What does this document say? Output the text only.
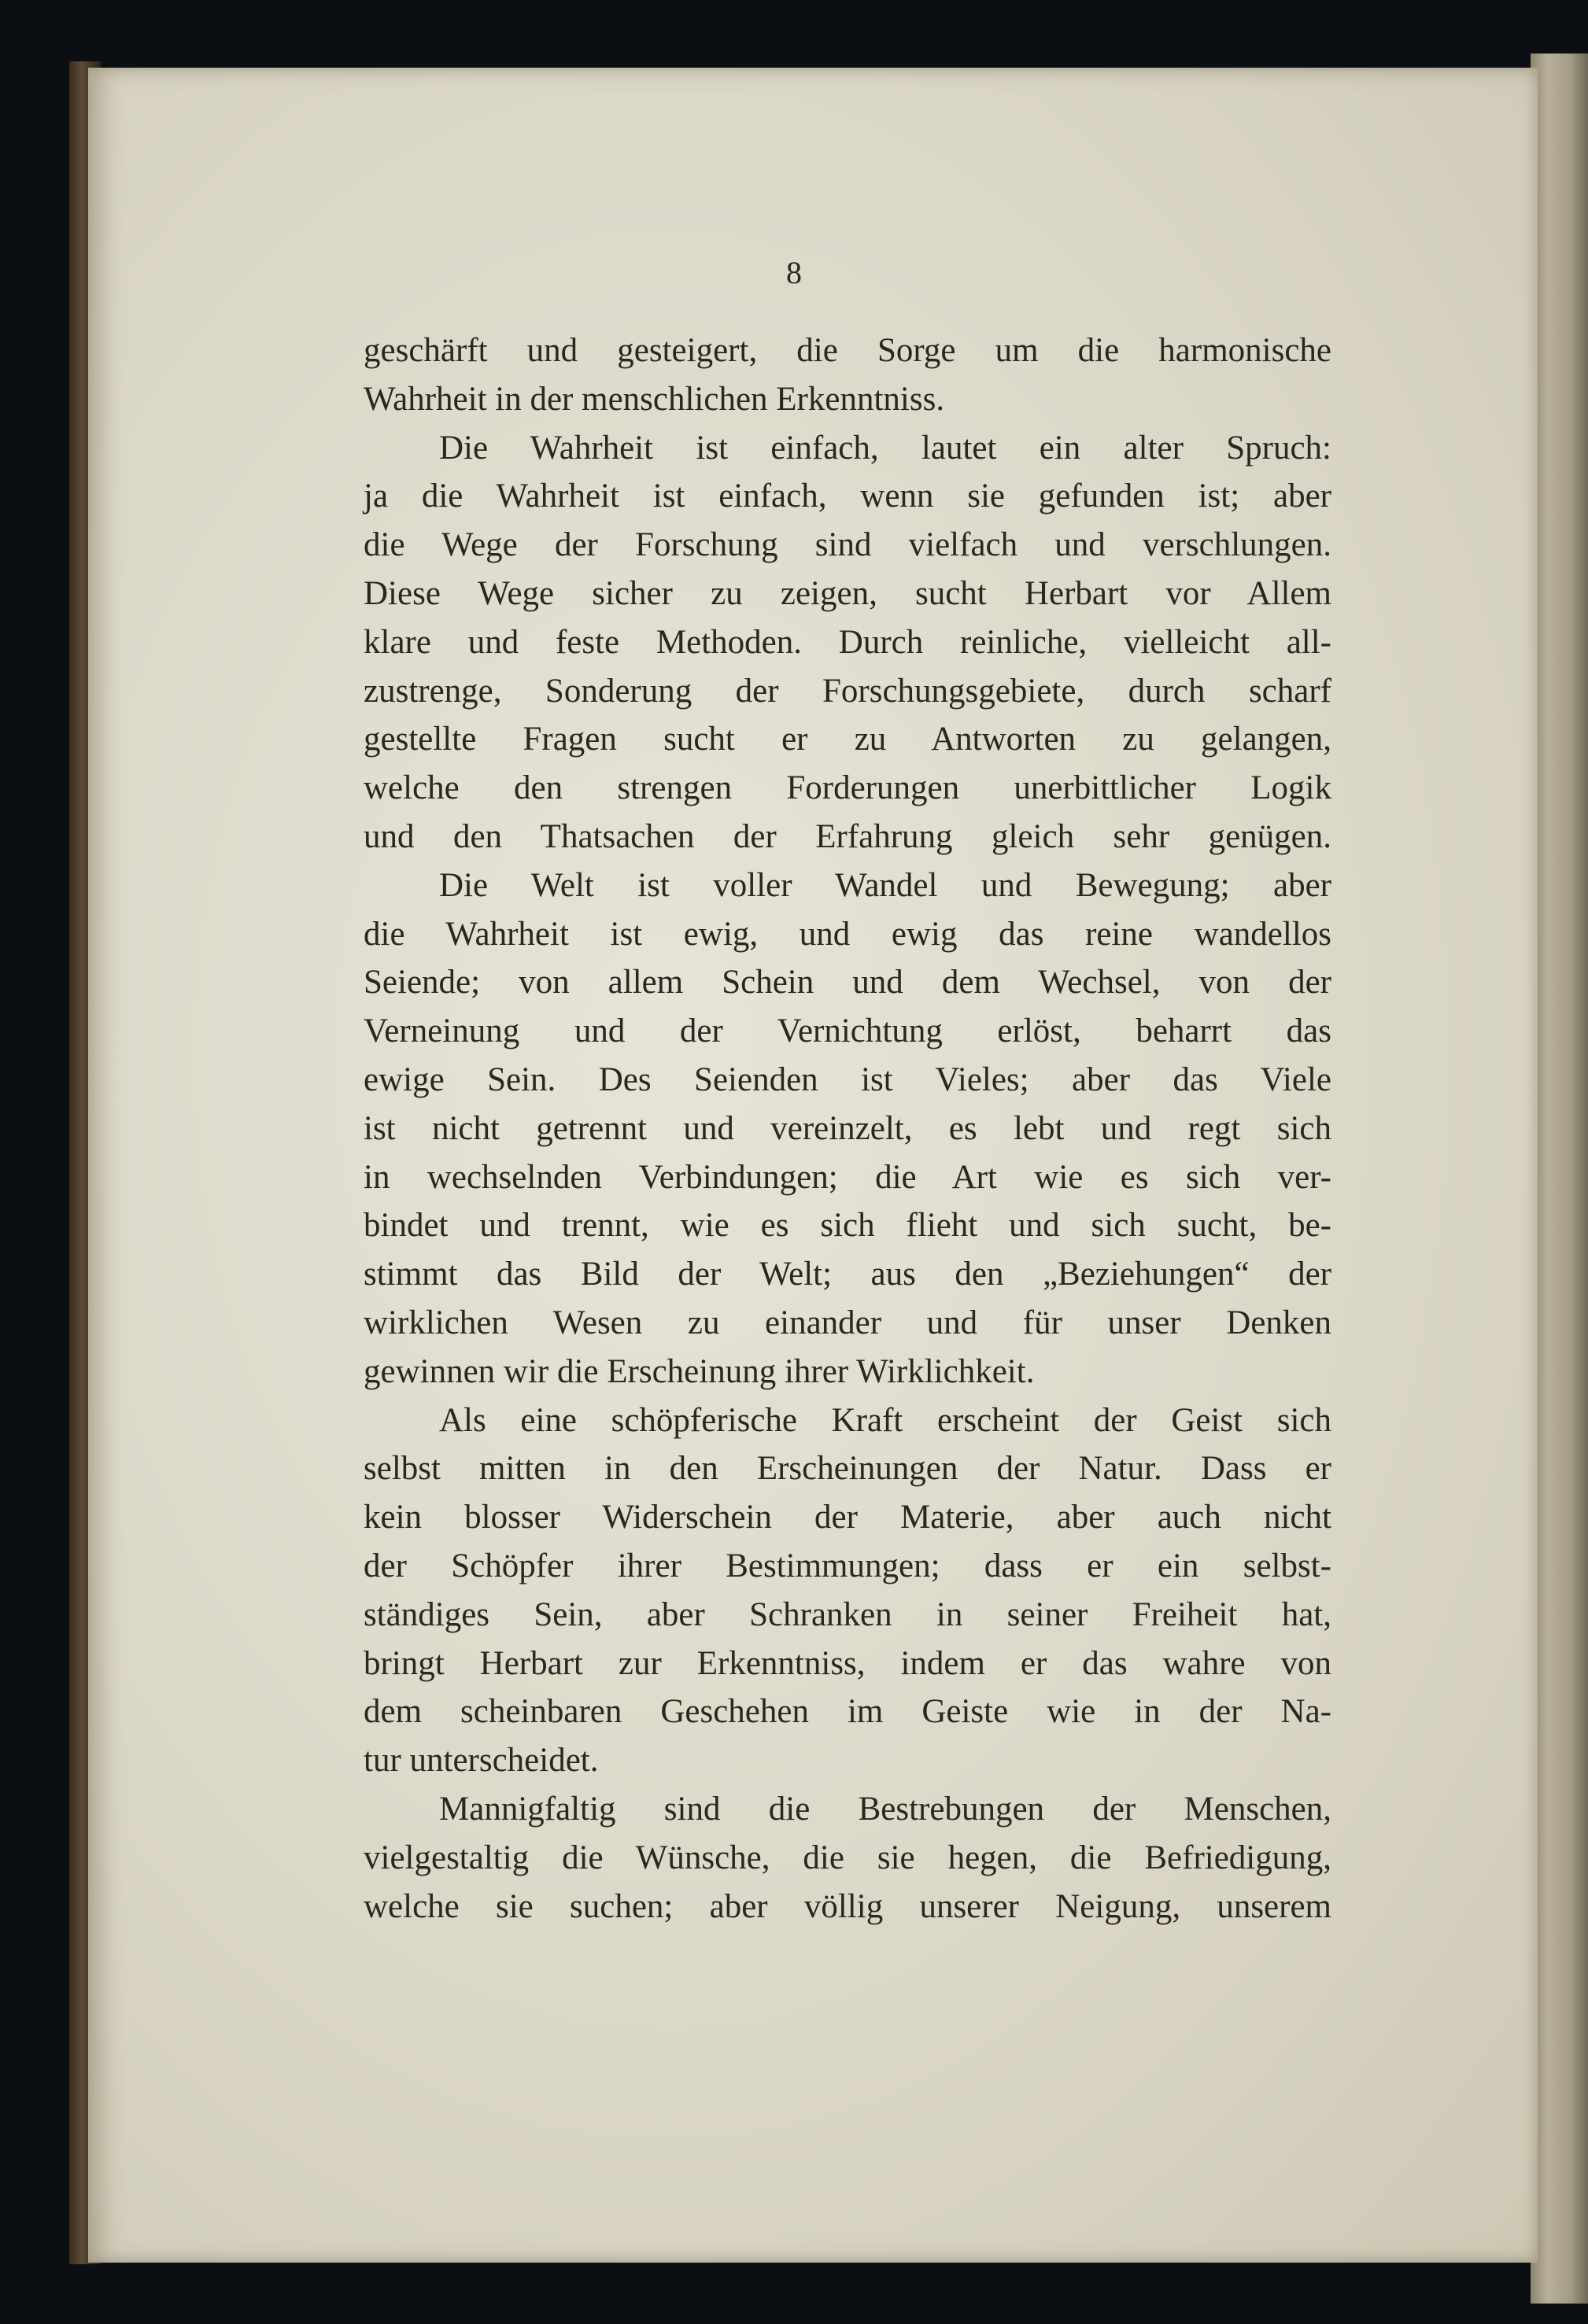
8
geschärft und gesteigert, die Sorge um die harmonische
Wahrheit in der menschlichen Erkenntniss.
Die Wahrheit ist einfach, lautet ein alter Spruch:
ja die Wahrheit ist einfach, wenn sie gefunden ist; aber
die Wege der Forschung sind vielfach und verschlungen.
Diese Wege sicher zu zeigen, sucht Herbart vor Allem
klare und feste Methoden. Durch reinliche, vielleicht all-
zustrenge, Sonderung der Forschungsgebiete, durch scharf
gestellte Fragen sucht er zu Antworten zu gelangen,
welche den strengen Forderungen unerbittlicher Logik
und den Thatsachen der Erfahrung gleich sehr genügen.
Die Welt ist voller Wandel und Bewegung; aber
die Wahrheit ist ewig, und ewig das reine wandellos
Seiende; von allem Schein und dem Wechsel, von der
Verneinung und der Vernichtung erlöst, beharrt das
ewige Sein. Des Seienden ist Vieles; aber das Viele
ist nicht getrennt und vereinzelt, es lebt und regt sich
in wechselnden Verbindungen; die Art wie es sich ver-
bindet und trennt, wie es sich flieht und sich sucht, be-
stimmt das Bild der Welt; aus den „Beziehungen“ der
wirklichen Wesen zu einander und für unser Denken
gewinnen wir die Erscheinung ihrer Wirklichkeit.
Als eine schöpferische Kraft erscheint der Geist sich
selbst mitten in den Erscheinungen der Natur. Dass er
kein blosser Widerschein der Materie, aber auch nicht
der Schöpfer ihrer Bestimmungen; dass er ein selbst-
ständiges Sein, aber Schranken in seiner Freiheit hat,
bringt Herbart zur Erkenntniss, indem er das wahre von
dem scheinbaren Geschehen im Geiste wie in der Na-
tur unterscheidet.
Mannigfaltig sind die Bestrebungen der Menschen,
vielgestaltig die Wünsche, die sie hegen, die Befriedigung,
welche sie suchen; aber völlig unserer Neigung, unserem
